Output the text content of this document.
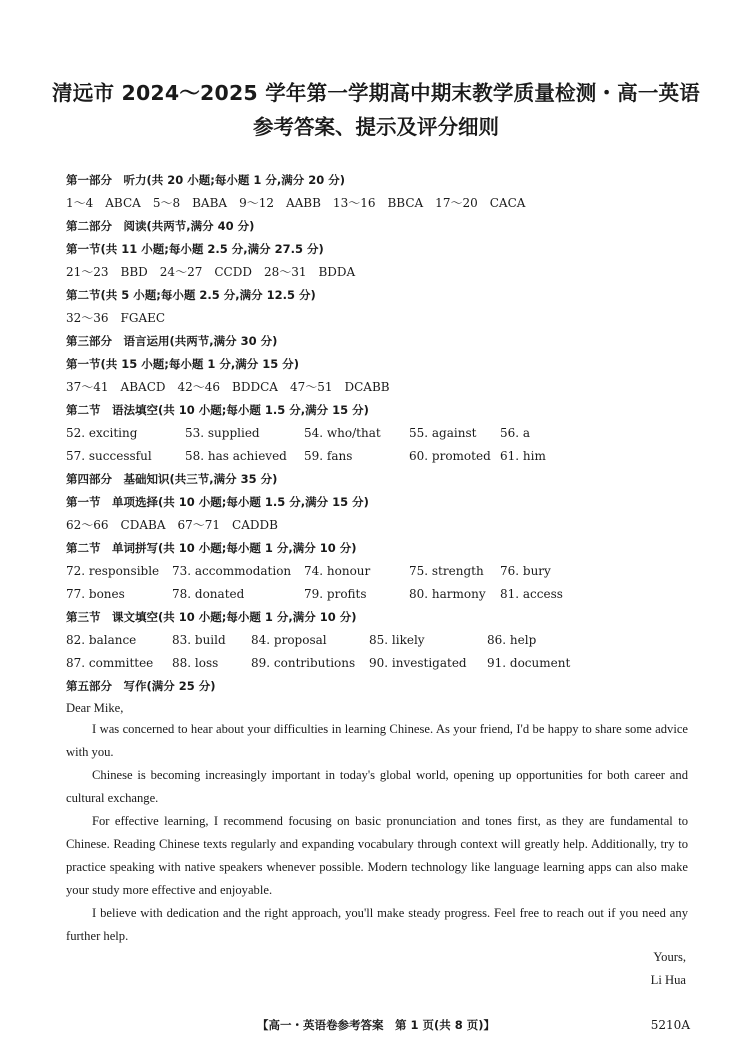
清远市 2024～2025 学年第一学期高中期末教学质量检测・高一英语
参考答案、提示及评分细则
第一部分　听力(共 20 小题;每小题 1 分,满分 20 分)
1～4　ABCA　5～8　BABA　9～12　AABB　13～16　BBCA　17～20　CACA
第二部分　阅读(共两节,满分 40 分)
第一节(共 11 小题;每小题 2.5 分,满分 27.5 分)
21～23　BBD　24～27　CCDD　28～31　BDDA
第二节(共 5 小题;每小题 2.5 分,满分 12.5 分)
32～36　FGAEC
第三部分　语言运用(共两节,满分 30 分)
第一节(共 15 小题;每小题 1 分,满分 15 分)
37～41　ABACD　42～46　BDDCA　47～51　DCABB
第二节　语法填空(共 10 小题;每小题 1.5 分,满分 15 分)
52. exciting	53. supplied	54. who/that 55. against 56. a
57. successful	58. has achieved 59. fans	60. promoted 61. him
第四部分　基础知识(共三节,满分 35 分)
第一节　单项选择(共 10 小题;每小题 1.5 分,满分 15 分)
62～66　CDABA　67～71　CADDB
第二节　单词拼写(共 10 小题;每小题 1 分,满分 10 分)
72. responsible 73. accommodation 74. honour	75. strength 76. bury
77. bones	78. donated	79. profits	80. harmony 81. access
第三节　课文填空(共 10 小题;每小题 1 分,满分 10 分)
82. balance	83. build 84. proposal	85. likely	86. help
87. committee 88. loss	89. contributions 90. investigated 91. document
第五部分　写作(满分 25 分)
Dear Mike,
I was concerned to hear about your difficulties in learning Chinese. As your friend, I'd be happy to share some advice with you.
Chinese is becoming increasingly important in today's global world, opening up opportunities for both career and cultural exchange.
For effective learning, I recommend focusing on basic pronunciation and tones first, as they are fundamental to Chinese. Reading Chinese texts regularly and expanding vocabulary through context will greatly help. Additionally, try to practice speaking with native speakers whenever possible. Modern technology like language learning apps can also make your study more effective and enjoyable.
I believe with dedication and the right approach, you'll make steady progress. Feel free to reach out if you need any further help.
Yours,
Li Hua
【高一・英语卷参考答案　第 1 页(共 8 页)】	5210A
